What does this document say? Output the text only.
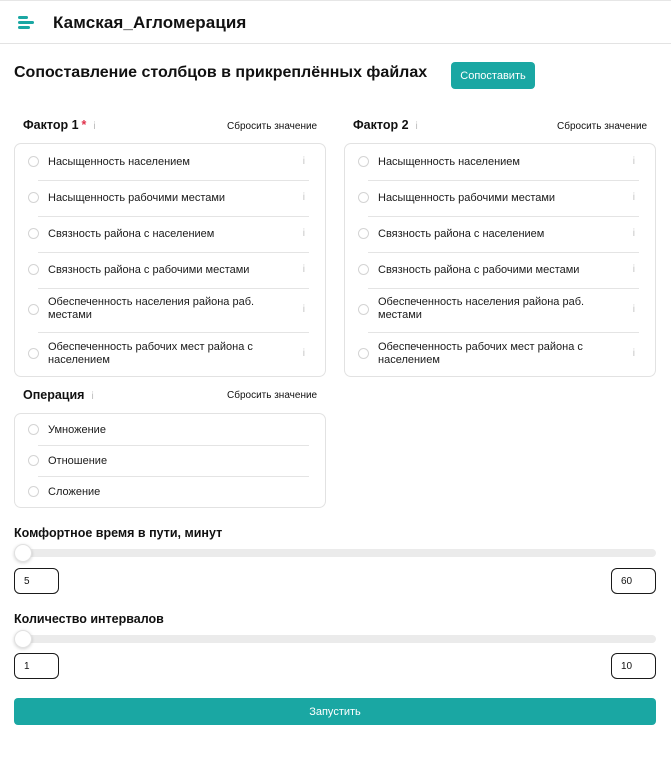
Камская_Агломерация
Сопоставление столбцов в прикреплённых файлах	Сопоставить
Фактор 1 * i	Сбросить значение
Насыщенность населением	i
Насыщенность рабочими местами	i
Связность района с населением	i
Связность района с рабочими местами	i
Обеспеченность населения района раб. местами	i
Обеспеченность рабочих мест района с населением
i
Фактор 2 i	Сбросить значение
Насыщенность населением	i
Насыщенность рабочими местами	i
Связность района с населением	i
Связность района с рабочими местами	i
Обеспеченность населения района раб. местами	i
Обеспеченность рабочих мест района с населением
i
Операция i	Сбросить значение
Умножение
Отношение
Сложение
Комфортное время в пути, минут
5
60
Количество интервалов
1
10
Запустить
